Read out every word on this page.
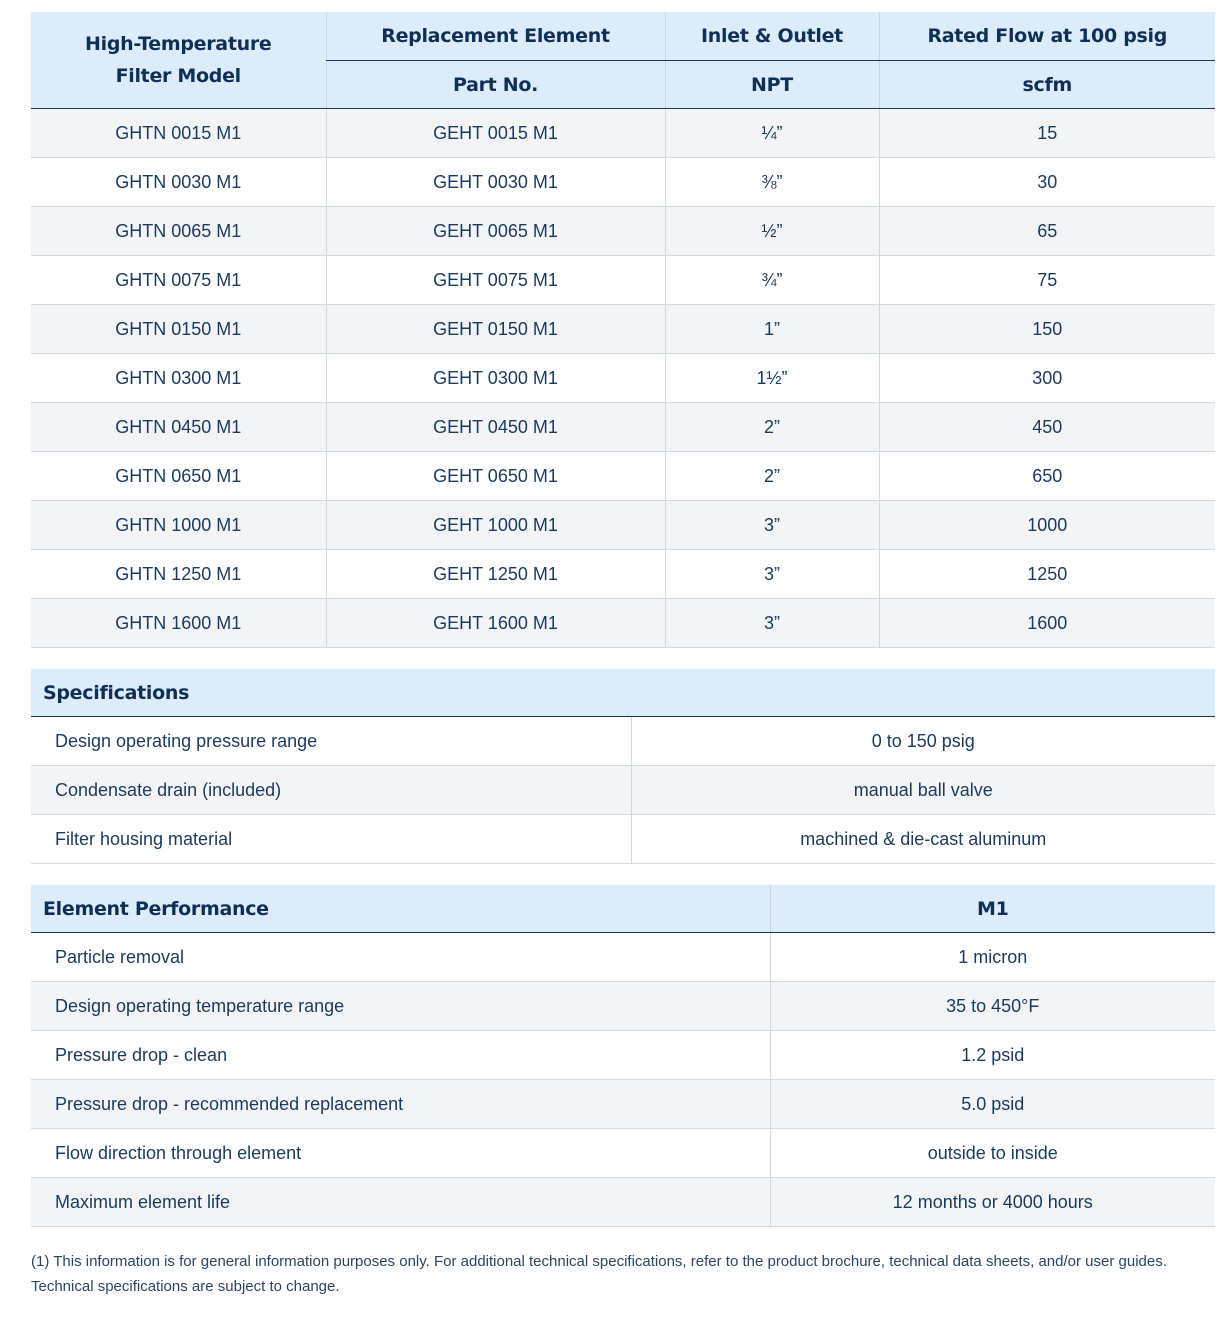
High-Temperature
Filter Model	Replacement Element	Inlet & Outlet	Rated Flow at 100 psig
	Part No.	NPT	scfm
GHTN 0015 M1	GEHT 0015 M1	¼”	15
GHTN 0030 M1	GEHT 0030 M1	⅜”	30
GHTN 0065 M1	GEHT 0065 M1	½”	65
GHTN 0075 M1	GEHT 0075 M1	¾”	75
GHTN 0150 M1	GEHT 0150 M1	1”	150
GHTN 0300 M1	GEHT 0300 M1	1½”	300
GHTN 0450 M1	GEHT 0450 M1	2”	450
GHTN 0650 M1	GEHT 0650 M1	2”	650
GHTN 1000 M1	GEHT 1000 M1	3”	1000
GHTN 1250 M1	GEHT 1250 M1	3”	1250
GHTN 1600 M1	GEHT 1600 M1	3”	1600
Specifications	
Design operating pressure range	0 to 150 psig
Condensate drain (included)	manual ball valve
Filter housing material	machined & die-cast aluminum
Element Performance	M1
Particle removal	1 micron
Design operating temperature range	35 to 450°F
Pressure drop - clean	1.2 psid
Pressure drop - recommended replacement	5.0 psid
Flow direction through element	outside to inside
Maximum element life	12 months or 4000 hours
(1) This information is for general information purposes only. For additional technical specifications, refer to the product brochure, technical data sheets, and/or user guides.
Technical specifications are subject to change.
